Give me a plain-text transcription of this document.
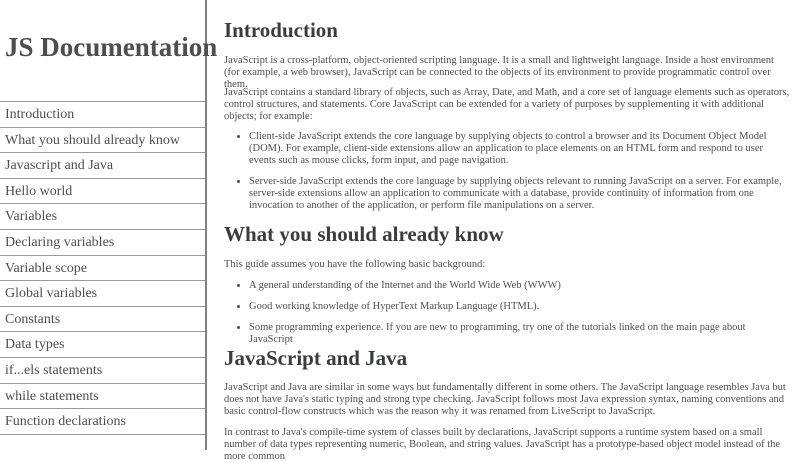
JS Documentation
Introduction
What you should already know
Javascript and Java
Hello world
Variables
Declaring variables
Variable scope
Global variables
Constants
Data types
if...els statements
while statements
Function declarations
Introduction

JavaScript is a cross-platform, object-oriented scripting language. It is a small and lightweight language. Inside a host environment (for example, a web browser), JavaScript can be connected to the objects of its environment to provide programmatic control over them.

JavaScript contains a standard library of objects, such as Array, Date, and Math, and a core set of language elements such as operators, control structures, and statements. Core JavaScript can be extended for a variety of purposes by supplementing it with additional objects; for example:

• Client-side JavaScript extends the core language by supplying objects to control a browser and its Document Object Model (DOM). For example, client-side extensions allow an application to place elements on an HTML form and respond to user events such as mouse clicks, form input, and page navigation.
• Server-side JavaScript extends the core language by supplying objects relevant to running JavaScript on a server. For example, server-side extensions allow an application to communicate with a database, provide continuity of information from one invocation to another of the application, or perform file manipulations on a server.
What you should already know

This guide assumes you have the following basic background:

• A general understanding of the Internet and the World Wide Web (WWW)
• Good working knowledge of HyperText Markup Language (HTML).
• Some programming experience. If you are new to programming, try one of the tutorials linked on the main page about JavaScript
JavaScript and Java

JavaScript and Java are similar in some ways but fundamentally different in some others. The JavaScript language resembles Java but does not have Java's static typing and strong type checking. JavaScript follows most Java expression syntax, naming conventions and basic control-flow constructs which was the reason why it was renamed from LiveScript to JavaScript.

In contrast to Java's compile-time system of classes built by declarations, JavaScript supports a runtime system based on a small number of data types representing numeric, Boolean, and string values. JavaScript has a prototype-based object model instead of the more common
